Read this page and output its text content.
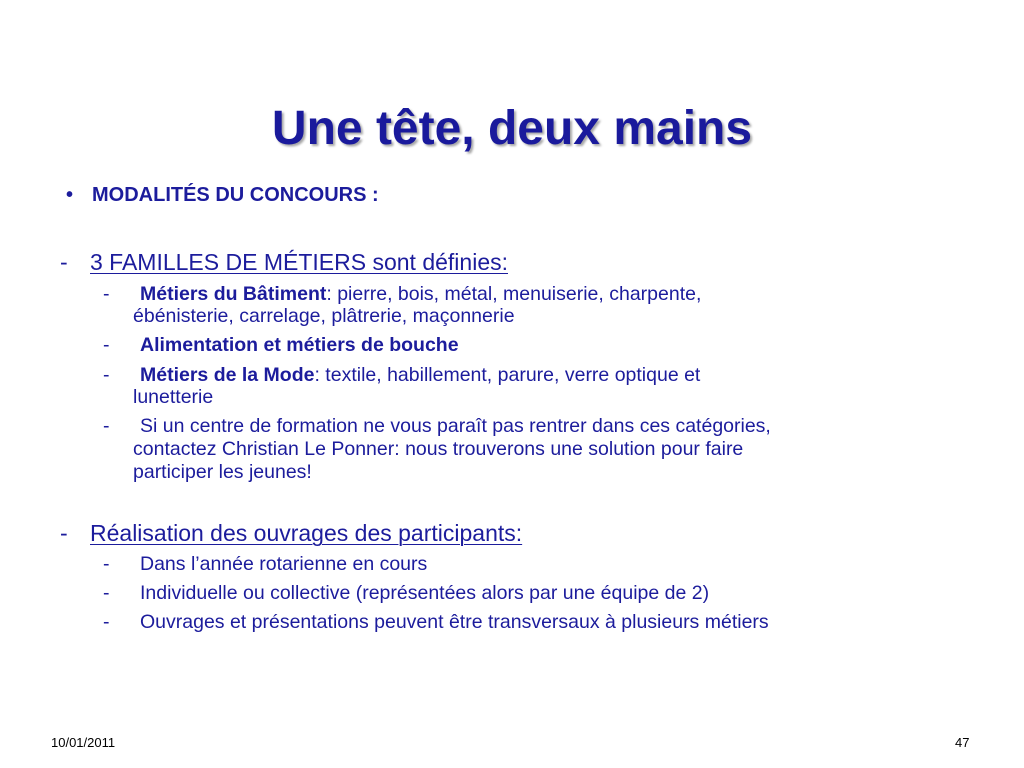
Une tête, deux mains
• MODALITÉS DU CONCOURS :
- 3 FAMILLES DE MÉTIERS sont définies:
- Métiers du Bâtiment: pierre, bois, métal, menuiserie, charpente,
ébénisterie, carrelage, plâtrerie, maçonnerie
- Alimentation et métiers de bouche
- Métiers de la Mode: textile, habillement, parure, verre optique et
lunetterie
- Si un centre de formation ne vous paraît pas rentrer dans ces catégories,
contactez Christian Le Ponner: nous trouverons une solution pour faire
participer les jeunes!
- Réalisation des ouvrages des participants:
- Dans l’année rotarienne en cours
- Individuelle ou collective (représentées alors par une équipe de 2)
- Ouvrages et présentations peuvent être transversaux à plusieurs métiers
10/01/2011	47
